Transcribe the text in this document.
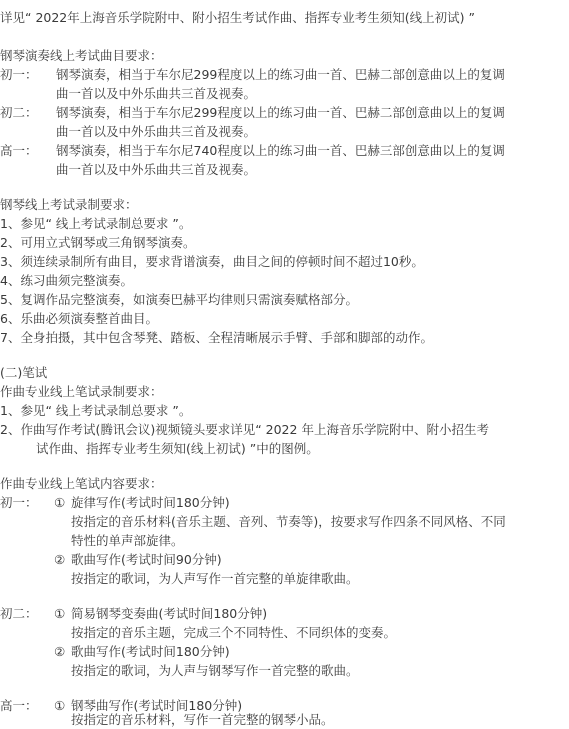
详见“ 2022年上海音乐学院附中、附小招生考试作曲、指挥专业考生须知(线上初试) ”
钢琴演奏线上考试曲目要求：
初一： 钢琴演奏，相当于车尔尼299程度以上的练习曲一首、巴赫二部创意曲以上的复调
曲一首以及中外乐曲共三首及视奏。
初二： 钢琴演奏，相当于车尔尼299程度以上的练习曲一首、巴赫二部创意曲以上的复调
曲一首以及中外乐曲共三首及视奏。
高一： 钢琴演奏，相当于车尔尼740程度以上的练习曲一首、巴赫三部创意曲以上的复调
曲一首以及中外乐曲共三首及视奏。
钢琴线上考试录制要求：
1、参见“ 线上考试录制总要求 ”。
2、可用立式钢琴或三角钢琴演奏。
3、须连续录制所有曲目，要求背谱演奏，曲目之间的停顿时间不超过10秒。
4、练习曲须完整演奏。
5、复调作品完整演奏，如演奏巴赫平均律则只需演奏赋格部分。
6、乐曲必须演奏整首曲目。
7、全身拍摄，其中包含琴凳、踏板、全程清晰展示手臂、手部和脚部的动作。
(二)笔试
作曲专业线上笔试录制要求：
1、参见“ 线上考试录制总要求 ”。
2、作曲写作考试(腾讯会议)视频镜头要求详见“ 2022 年上海音乐学院附中、附小招生考
试作曲、指挥专业考生须知(线上初试) ”中的图例。
作曲专业线上笔试内容要求：
初一： ① 旋律写作(考试时间180分钟)
按指定的音乐材料(音乐主题、音列、节奏等)，按要求写作四条不同风格、不同
特性的单声部旋律。
② 歌曲写作(考试时间90分钟)
按指定的歌词，为人声写作一首完整的单旋律歌曲。
初二： ① 简易钢琴变奏曲(考试时间180分钟)
按指定的音乐主题，完成三个不同特性、不同织体的变奏。
② 歌曲写作(考试时间180分钟)
按指定的歌词，为人声与钢琴写作一首完整的歌曲。
高一： ① 钢琴曲写作(考试时间180分钟)
按指定的音乐材料，写作一首完整的钢琴小品。
